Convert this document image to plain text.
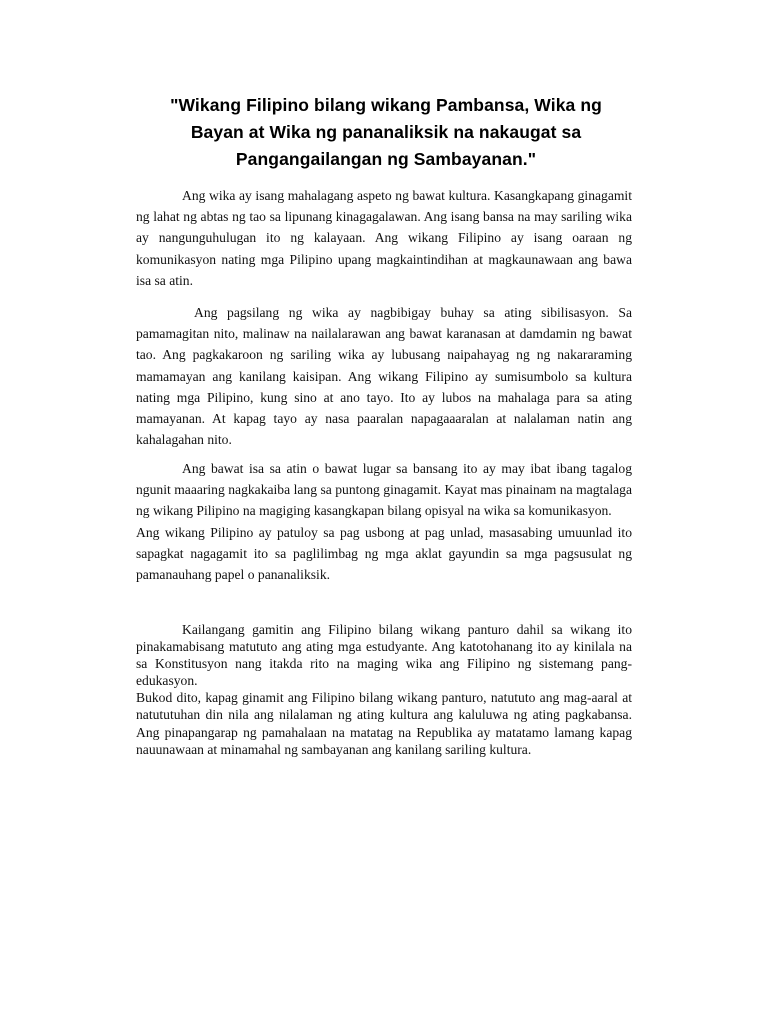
"Wikang Filipino bilang wikang Pambansa, Wika ng
Bayan at Wika ng pananaliksik na nakaugat sa
Pangangailangan ng Sambayanan."

Ang wika ay isang mahalagang aspeto ng bawat kultura. Kasangkapang ginagamit ng lahat ng abtas ng tao sa lipunang kinagagalawan. Ang isang bansa na may sariling wika ay nangunguhulugan ito ng kalayaan. Ang wikang Filipino ay isang oaraan ng komunikasyon nating mga Pilipino upang magkaintindihan at magkaunawaan ang bawa isa sa atin.

Ang pagsilang ng wika ay nagbibigay buhay sa ating sibilisasyon. Sa pamamagitan nito, malinaw na nailalarawan ang bawat karanasan at damdamin ng bawat tao. Ang pagkakaroon ng sariling wika ay lubusang naipahayag ng ng nakararaming mamamayan ang kanilang kaisipan. Ang wikang Filipino ay sumisumbolo sa kultura nating mga Pilipino, kung sino at ano tayo. Ito ay lubos na mahalaga para sa ating mamayanan. At kapag tayo ay nasa paaralan napagaaaralan at nalalaman natin ang kahalagahan nito.

Ang bawat isa sa atin o bawat lugar sa bansang ito ay may ibat ibang tagalog ngunit maaaring nagkakaiba lang sa puntong ginagamit. Kayat mas pinainam na magtalaga ng wikang Pilipino na magiging kasangkapan bilang opisyal na wika sa komunikasyon.

Ang wikang Pilipino ay patuloy sa pag usbong at pag unlad, masasabing umuunlad ito sapagkat nagagamit ito sa paglilimbag ng mga aklat gayundin sa mga pagsusulat ng pamanauhang papel o pananaliksik.

Kailangang gamitin ang Filipino bilang wikang panturo dahil sa wikang ito pinakamabisang matututo ang ating mga estudyante. Ang katotohanang ito ay kinilala na sa Konstitusyon nang itakda rito na maging wika ang Filipino ng sistemang pang-edukasyon.

Bukod dito, kapag ginamit ang Filipino bilang wikang panturo, natututo ang mag-aaral at natututuhan din nila ang nilalaman ng ating kultura ang kaluluwa ng ating pagkabansa. Ang pinapangarap ng pamahalaan na matatag na Republika ay matatamo lamang kapag nauunawaan at minamahal ng sambayanan ang kanilang sariling kultura.
